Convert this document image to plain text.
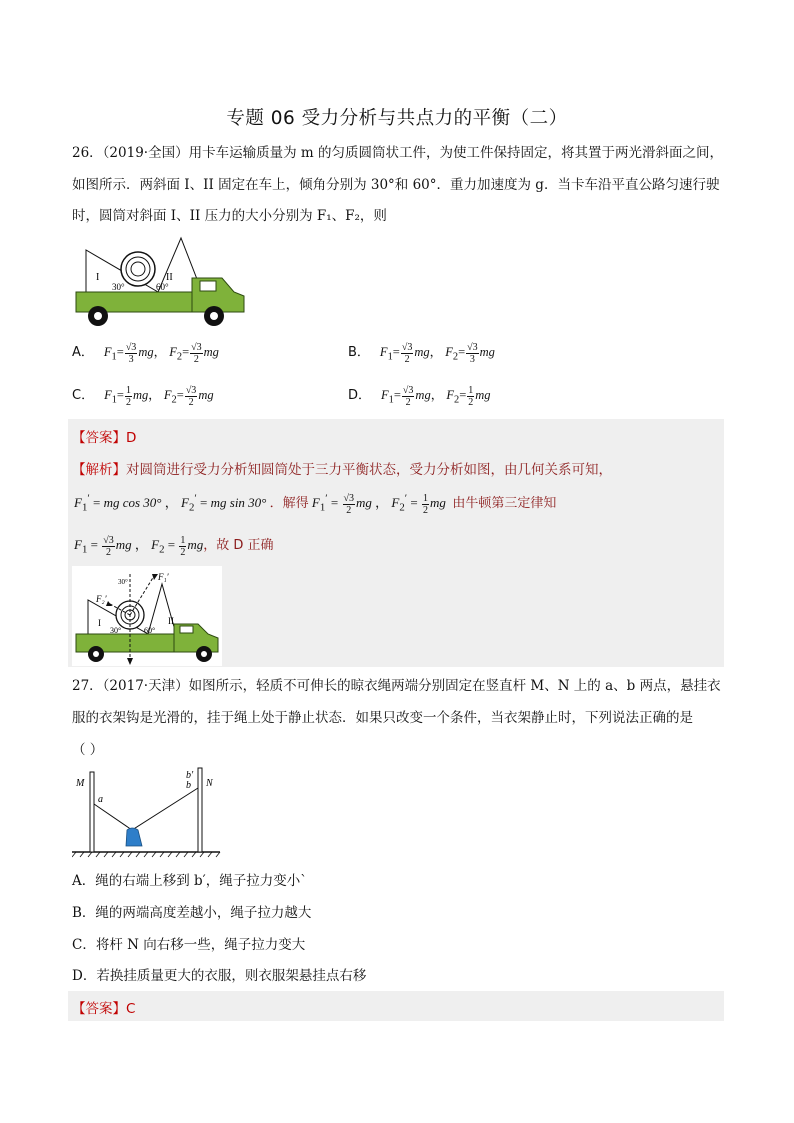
专题 06 受力分析与共点力的平衡（二）
26．（2019·全国）用卡车运输质量为 m 的匀质圆筒状工件，为使工件保持固定，将其置于两光滑斜面之间，
如图所示．两斜面 I、II 固定在车上，倾角分别为 30°和 60°．重力加速度为 g．当卡车沿平直公路匀速行驶
时，圆筒对斜面 I、II 压力的大小分别为 F₁、F₂，则
I	II
30°	60°
A． $F_1= \frac{√3}{3}$ mg， $F_2= \frac{√3}{2}$ mg	B． $F_1= \frac{√3}{2}$ mg， $F_2= \frac{√3}{3}$ mg
C． $F_1= \frac{1}{2}$ mg， $F_2= \frac{√3}{2}$ mg	D． $F_1= \frac{√3}{2}$ mg， $F_2= \frac{1}{2}$ mg
【答案】D
【解析】对圆筒进行受力分析知圆筒处于三力平衡状态，受力分析如图，由几何关系可知，
$F_1'$ = mg cos 30° ， $F_2'$ = mg sin 30° ．解得 $F_1' = \frac{√3}{2}$ mg ， $F_2' = \frac{1}{2}$ mg 由牛顿第三定律知
$F_1 = \frac{√3}{2}$ mg ， $F_2 = \frac{1}{2}$ mg，故 D 正确
F₁′
F₂′
30°
I	II
30°	60°
27．（2017·天津）如图所示，轻质不可伸长的晾衣绳两端分别固定在竖直杆 M、N 上的 a、b 两点，悬挂衣
服的衣架钩是光滑的，挂于绳上处于静止状态．如果只改变一个条件，当衣架静止时，下列说法正确的是
（ ）
M	N
a
b
b′
A．绳的右端上移到 b′，绳子拉力变小`
B．绳的两端高度差越小，绳子拉力越大
C．将杆 N 向右移一些，绳子拉力变大
D．若换挂质量更大的衣服，则衣服架悬挂点右移
【答案】C
